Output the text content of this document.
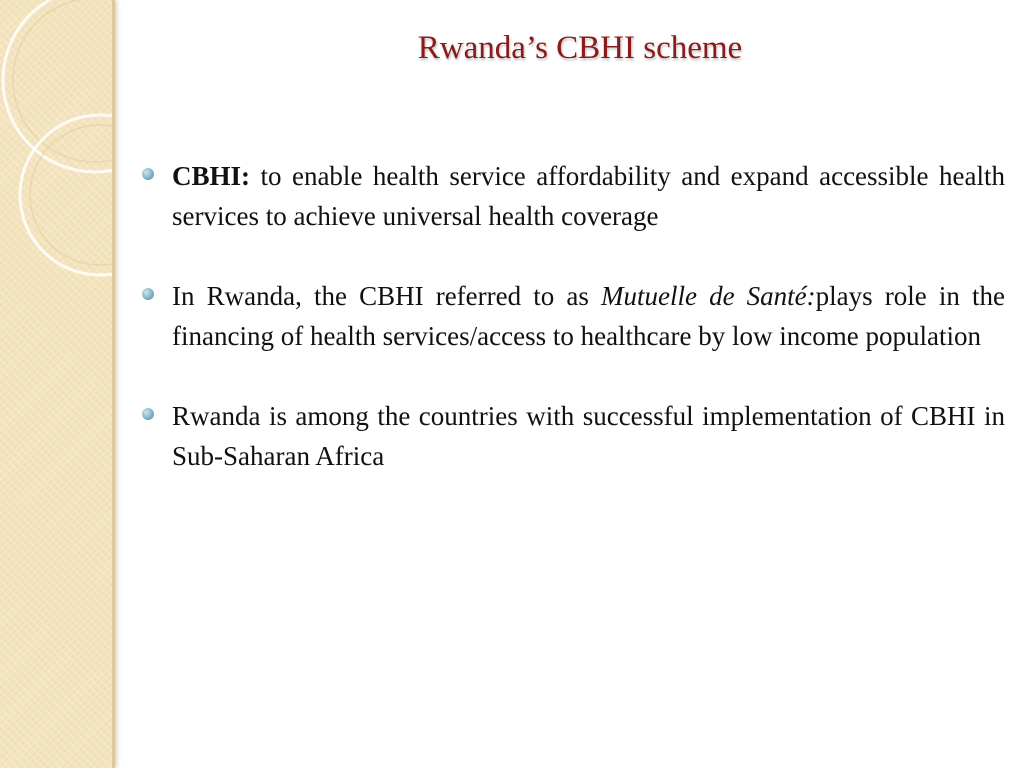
Rwanda’s CBHI scheme
CBHI: to enable health service affordability and expand accessible health services to achieve universal health coverage
In Rwanda, the CBHI referred to as Mutuelle de Santé:plays role in the financing of health services/access to healthcare by low income population
Rwanda is among the countries with successful implementation of CBHI in Sub-Saharan Africa
